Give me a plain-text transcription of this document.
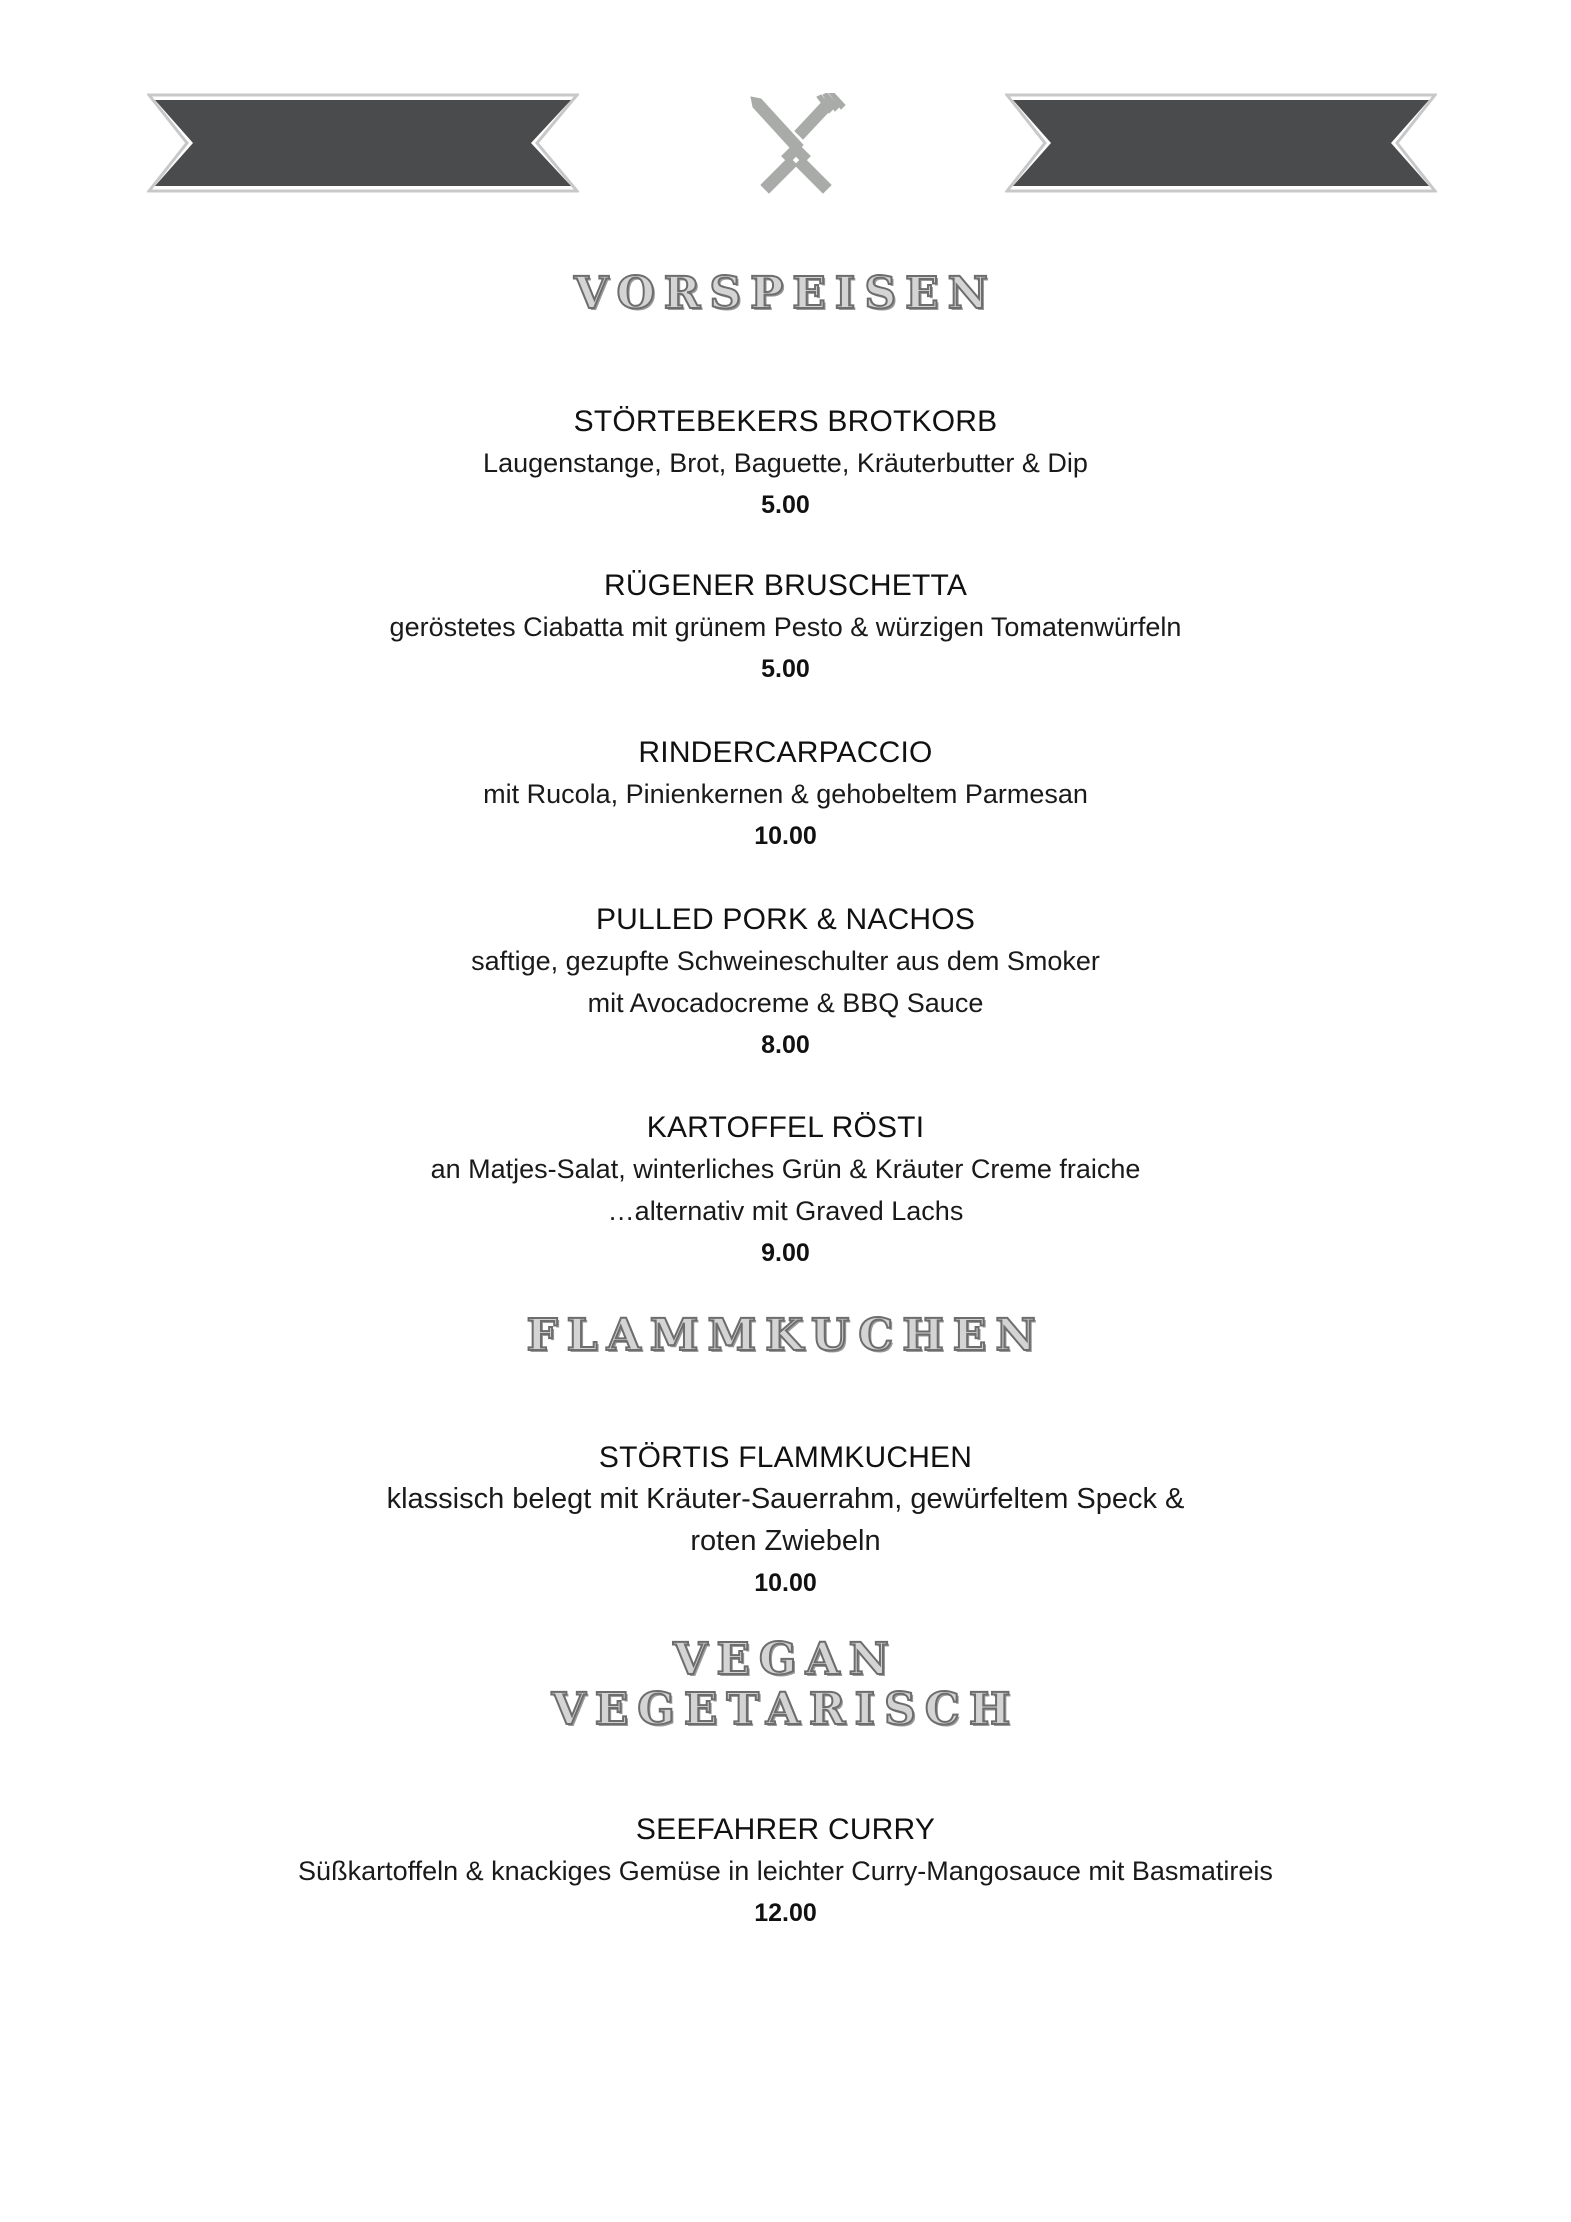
VORSPEISEN
STÖRTEBEKERS BROTKORB
Laugenstange, Brot, Baguette, Kräuterbutter & Dip
5.00
RÜGENER BRUSCHETTA
geröstetes Ciabatta mit grünem Pesto & würzigen Tomatenwürfeln
5.00
RINDERCARPACCIO
mit Rucola, Pinienkernen & gehobeltem Parmesan
10.00
PULLED PORK & NACHOS
saftige, gezupfte Schweineschulter aus dem Smoker
mit Avocadocreme & BBQ Sauce
8.00
KARTOFFEL RÖSTI
an Matjes-Salat, winterliches Grün & Kräuter Creme fraiche
…alternativ mit Graved Lachs
9.00
FLAMMKUCHEN
STÖRTIS FLAMMKUCHEN
klassisch belegt mit Kräuter-Sauerrahm, gewürfeltem Speck &
roten Zwiebeln
10.00
VEGAN
VEGETARISCH
SEEFAHRER CURRY
Süßkartoffeln & knackiges Gemüse in leichter Curry-Mangosauce mit Basmatireis
12.00
